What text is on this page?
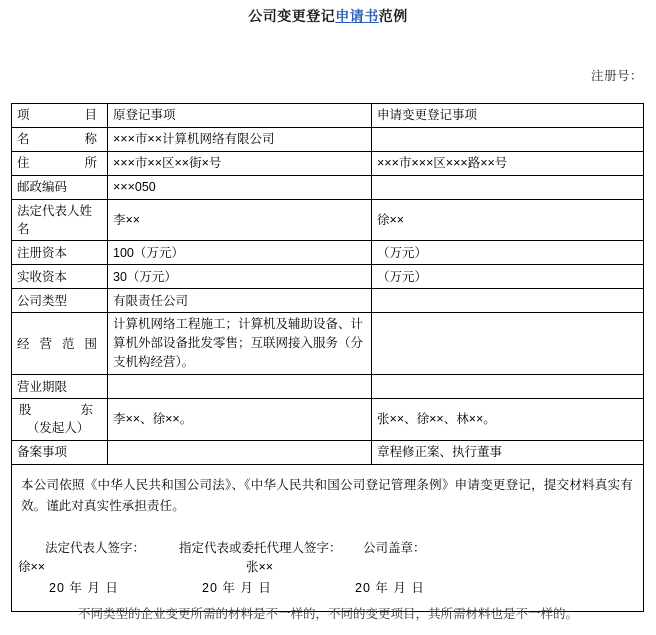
公司变更登记申请书范例
注册号：
项 目	原登记事项	申请变更登记事项

名 称	×××市××计算机网络有限公司	

住 所	×××市××区××街×号	×××市×××区×××路××号
邮政编码	×××050	
法定代表人姓名	李××	徐××
注册资本	100（万元）	（万元）
实收资本	30（万元）	（万元）
公司类型	有限责任公司	

经 营 范 围	计算机网络工程施工；计算机及辅助设备、计算机外部设备批发零售；互联网接入服务（分支机构经营）。	

营业期限		

股 东
（发起人）	李××、徐××。	张××、徐××、林××。
备案事项		章程修正案、执行董事

本公司依照《中华人民共和国公司法》、《中华人民共和国公司登记管理条例》申请变更登记，提交材料真实有效。谨此对真实性承担责任。
法定代表人签字：	指定代表或委托代理人签字： 公司盖章：
徐××	张××
20 年 月 日	20 年 月 日	20 年 月 日
不同类型的企业变更所需的材料是不一样的，不同的变更项目，其所需材料也是不一样的。
